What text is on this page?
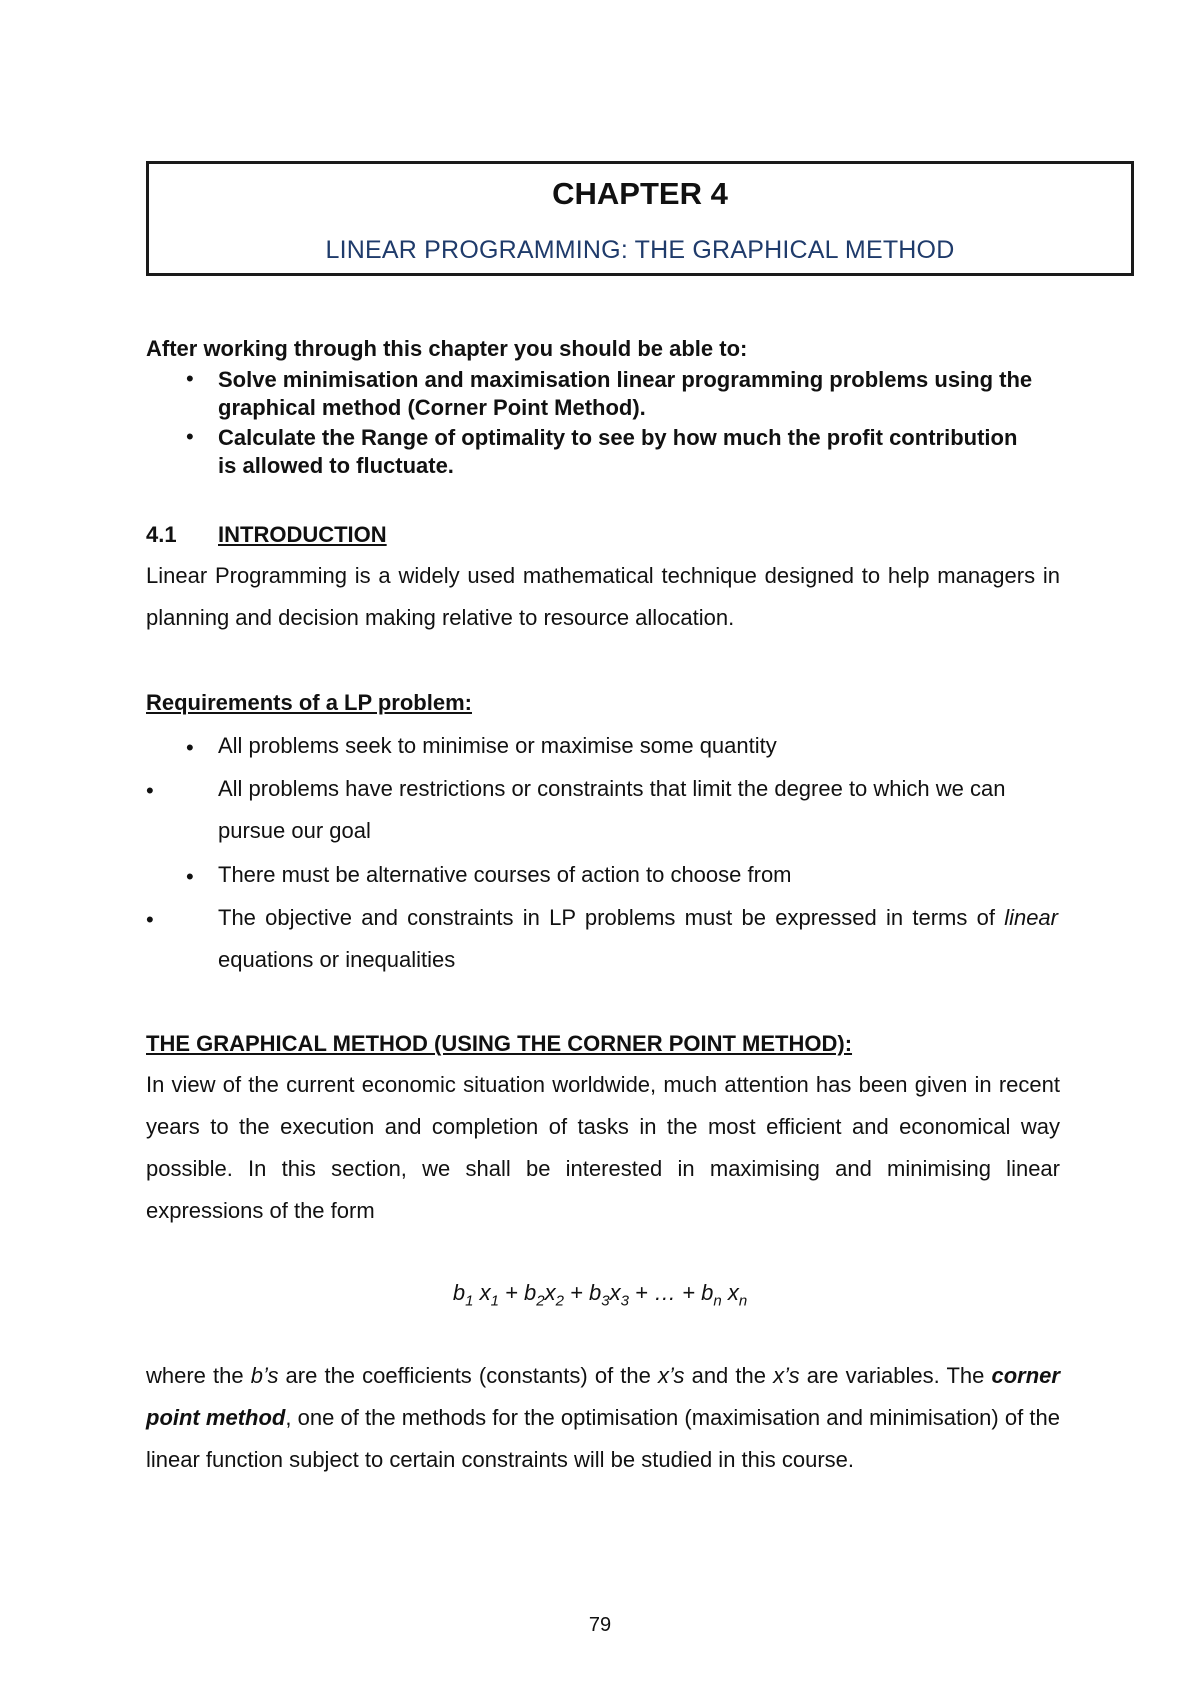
CHAPTER 4
LINEAR PROGRAMMING: THE GRAPHICAL METHOD
After working through this chapter you should be able to:
• Solve minimisation and maximisation linear programming problems using the graphical method (Corner Point Method).
• Calculate the Range of optimality to see by how much the profit contribution is allowed to fluctuate.
4.1 INTRODUCTION
Linear Programming is a widely used mathematical technique designed to help managers in planning and decision making relative to resource allocation.
Requirements of a LP problem:
• All problems seek to minimise or maximise some quantity
•	All problems have restrictions or constraints that limit the degree to which we can pursue our goal
• There must be alternative courses of action to choose from
•	The objective and constraints in LP problems must be expressed in terms of linear equations or inequalities
THE GRAPHICAL METHOD (USING THE CORNER POINT METHOD):
In view of the current economic situation worldwide, much attention has been given in recent years to the execution and completion of tasks in the most efficient and economical way possible. In this section, we shall be interested in maximising and minimising linear expressions of the form
$b_1$ $x_1 + b_2x_2 + b_3x_3$ + … + $b_n$ $x_n$
where the b’s are the coefficients (constants) of the x’s and the x’s are variables. The corner point method, one of the methods for the optimisation (maximisation and minimisation) of the linear function subject to certain constraints will be studied in this course.
79
